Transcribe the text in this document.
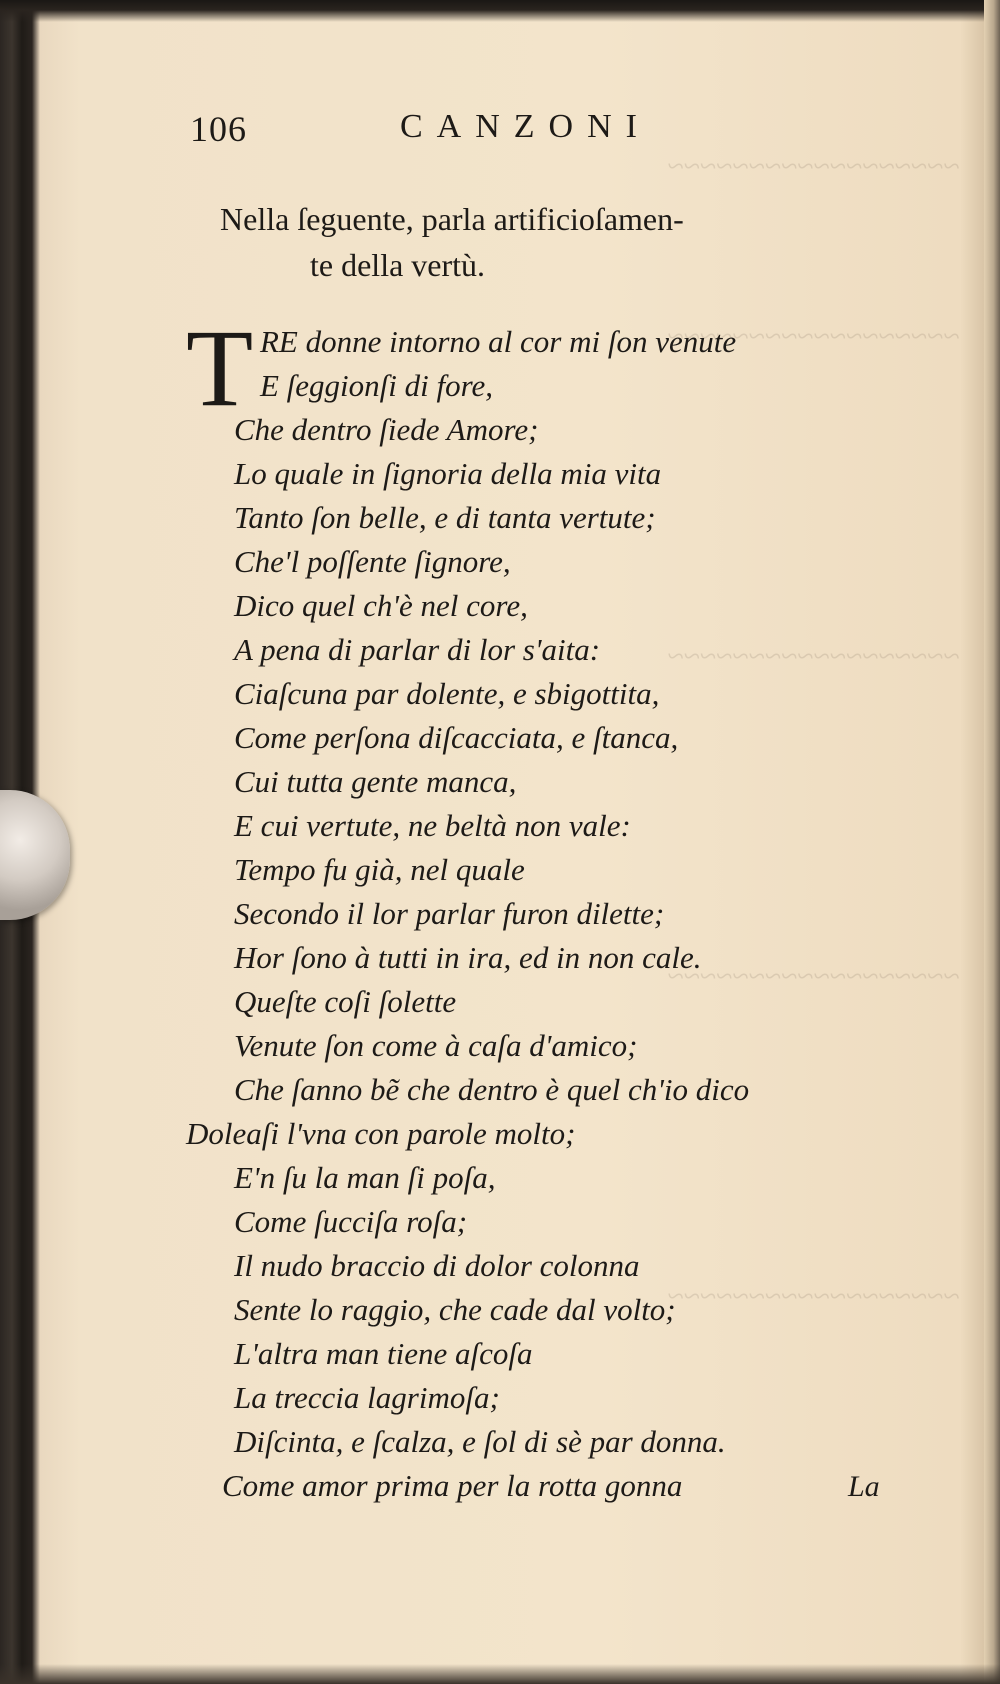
~~~~~~~~~~~~~~~~~~
~~~~~~~~~~~~~~~~~~
~~~~~~~~~~~~~~~~~~
~~~~~~~~~~~~~~~~~~
~~~~~~~~~~~~~~~~~~
106	CANZONI
Nella ſeguente, parla artificioſamen-
te della vertù.
T RE donne intorno al cor mi ſon venute
E ſeggionſi di fore,
Che dentro ſiede Amore;
Lo quale in ſignoria della mia vita
Tanto ſon belle, e di tanta vertute;
Che'l poſſente ſignore,
Dico quel ch'è nel core,
A pena di parlar di lor s'aita:
Ciaſcuna par dolente, e sbigottita,
Come perſona diſcacciata, e ſtanca,
Cui tutta gente manca,
E cui vertute, ne beltà non vale:
Tempo fu già, nel quale
Secondo il lor parlar furon dilette;
Hor ſono à tutti in ira, ed in non cale.
Queſte coſi ſolette
Venute ſon come à caſa d'amico;
Che ſanno bẽ che dentro è quel ch'io dico
Doleaſi l'vna con parole molto;
E'n ſu la man ſi poſa,
Come ſucciſa roſa;
Il nudo braccio di dolor colonna
Sente lo raggio, che cade dal volto;
L'altra man tiene aſcoſa
La treccia lagrimoſa;
Diſcinta, e ſcalza, e ſol di sè par donna.
Come amor prima per la rotta gonna	La
